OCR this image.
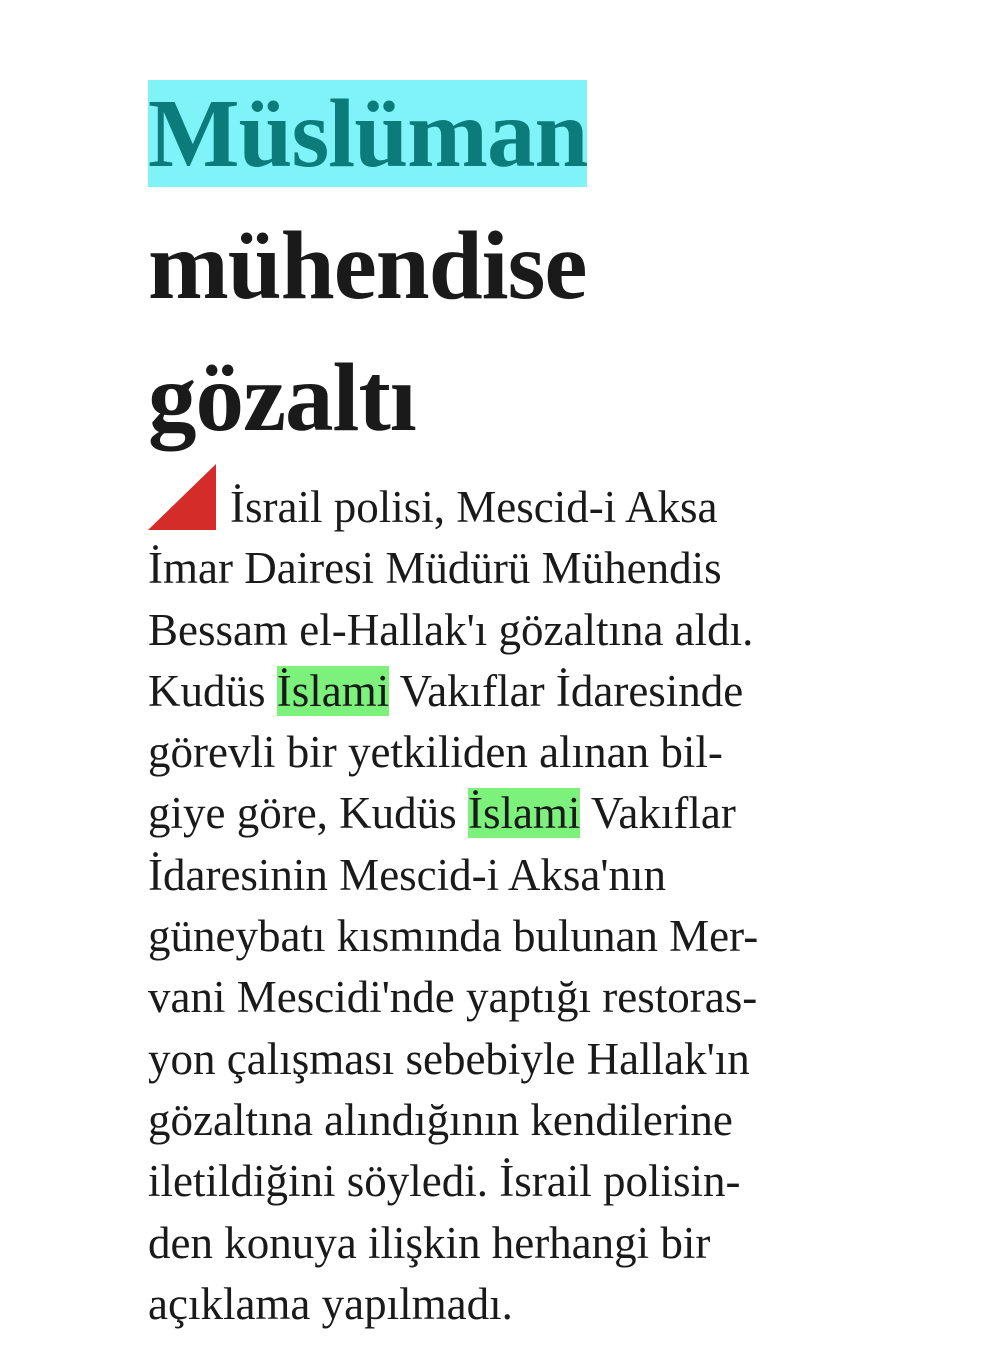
Müslüman
mühendise
gözaltı
İsrail polisi, Mescid-i Aksa
İmar Dairesi Müdürü Mühendis
Bessam el-Hallak'ı gözaltına aldı.
Kudüs İslami Vakıflar İdaresinde
görevli bir yetkiliden alınan bil-
giye göre, Kudüs İslami Vakıflar
İdaresinin Mescid-i Aksa'nın
güneybatı kısmında bulunan Mer-
vani Mescidi'nde yaptığı restoras-
yon çalışması sebebiyle Hallak'ın
gözaltına alındığının kendilerine
iletildiğini söyledi. İsrail polisin-
den konuya ilişkin herhangi bir
açıklama yapılmadı.
